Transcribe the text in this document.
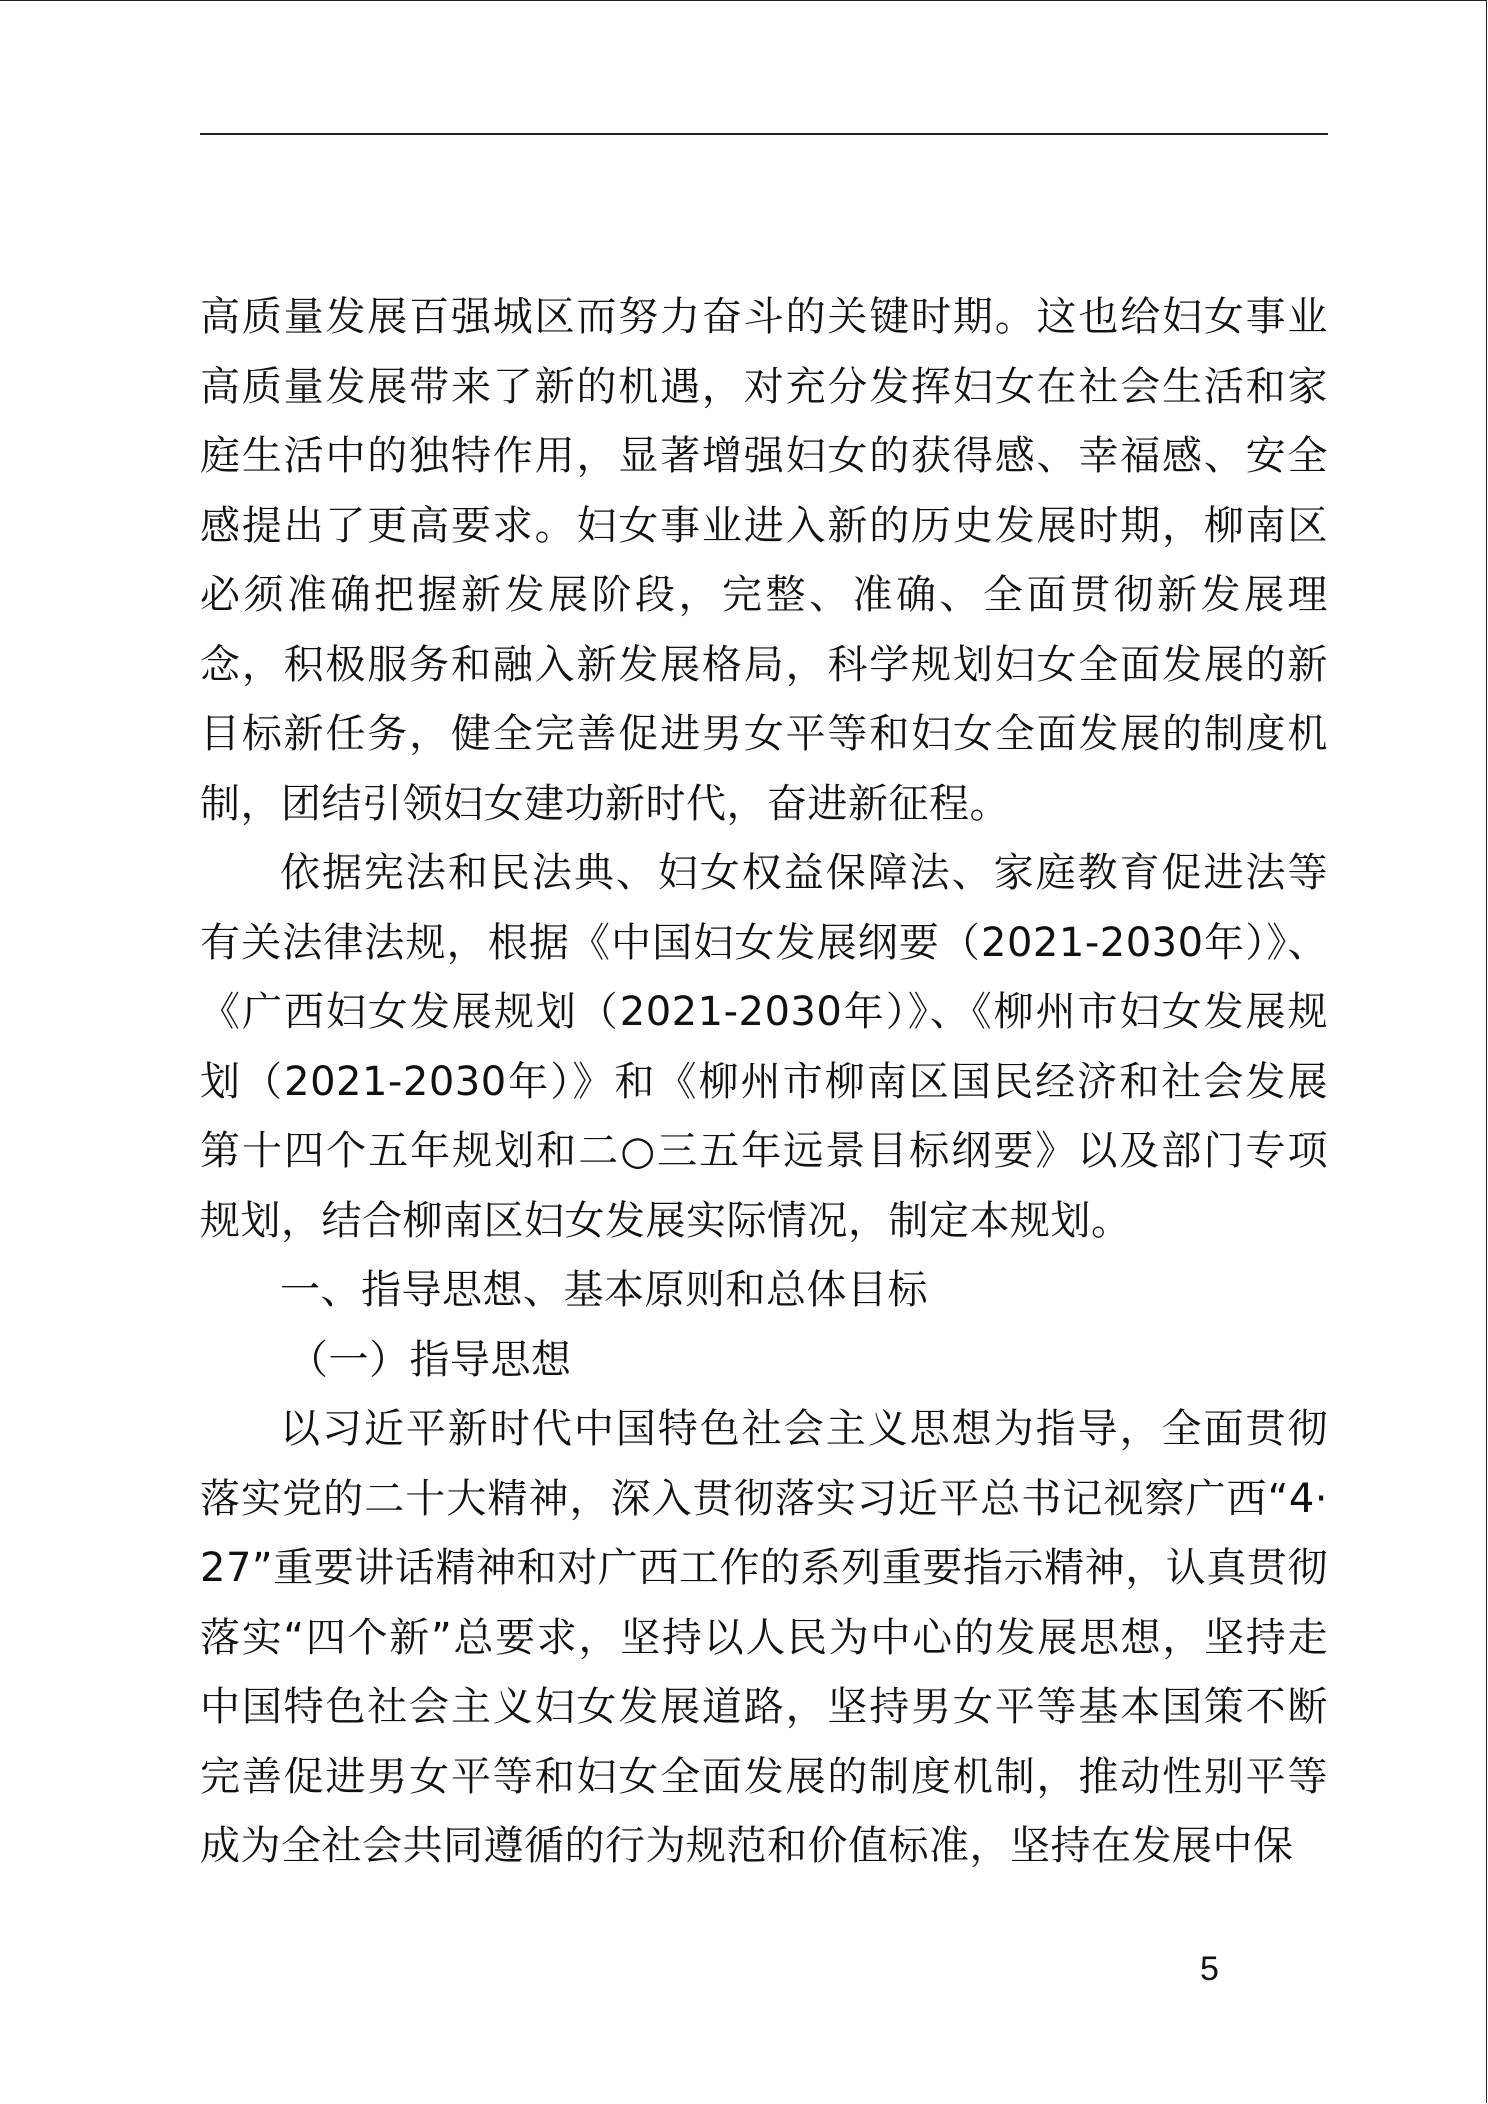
高质量发展百强城区而努力奋斗的关键时期。这也给妇女事业高质量发展带来了新的机遇，对充分发挥妇女在社会生活和家庭生活中的独特作用，显著增强妇女的获得感、幸福感、安全感提出了更高要求。妇女事业进入新的历史发展时期，柳南区必须准确把握新发展阶段，完整、准确、全面贯彻新发展理念，积极服务和融入新发展格局，科学规划妇女全面发展的新目标新任务，健全完善促进男女平等和妇女全面发展的制度机制，团结引领妇女建功新时代，奋进新征程。

依据宪法和民法典、妇女权益保障法、家庭教育促进法等有关法律法规，根据《中国妇女发展纲要（2021-2030年）》、《广西妇女发展规划（2021-2030年）》、《柳州市妇女发展规划（2021-2030年）》和《柳州市柳南区国民经济和社会发展第十四个五年规划和二○三五年远景目标纲要》以及部门专项规划，结合柳南区妇女发展实际情况，制定本规划。

一、指导思想、基本原则和总体目标

（一）指导思想

以习近平新时代中国特色社会主义思想为指导，全面贯彻落实党的二十大精神，深入贯彻落实习近平总书记视察广西“4·27”重要讲话精神和对广西工作的系列重要指示精神，认真贯彻落实“四个新”总要求，坚持以人民为中心的发展思想，坚持走中国特色社会主义妇女发展道路，坚持男女平等基本国策不断完善促进男女平等和妇女全面发展的制度机制，推动性别平等成为全社会共同遵循的行为规范和价值标准，坚持在发展中保

5
